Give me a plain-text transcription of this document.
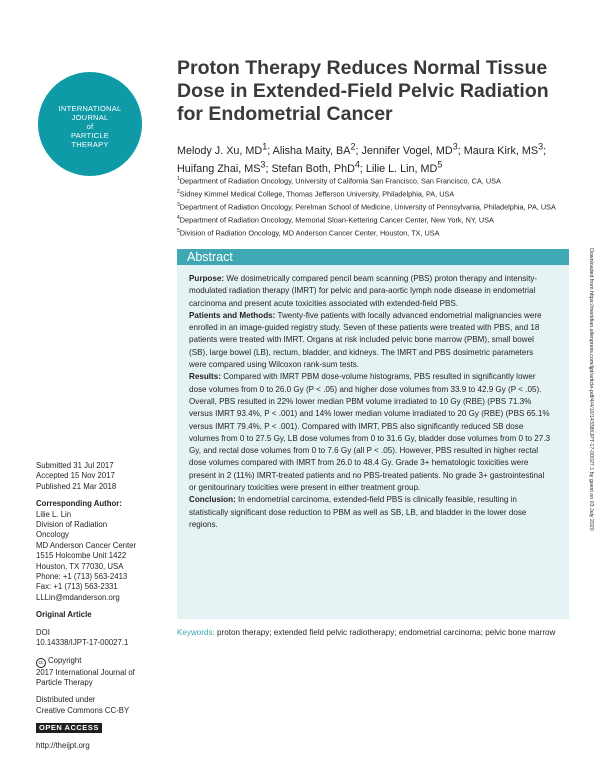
INTERNATIONAL
JOURNAL
of
PARTICLE
THERAPY
Proton Therapy Reduces Normal Tissue Dose in Extended-Field Pelvic Radiation for Endometrial Cancer
Melody J. Xu, $MD^1$; Alisha Maity, $BA^2$; Jennifer Vogel, $MD^3$; Maura Kirk, $MS^3$; Huifang Zhai, $MS^3$; Stefan Both, PhD$^4$; Lilie L. Lin, $MD^5$
$^1$Department of Radiation Oncology, University of California San Francisco, San Francisco, CA, USA
$^2$Sidney Kimmel Medical College, Thomas Jefferson University, Philadelphia, PA, USA
$^3$Department of Radiation Oncology, Perelman School of Medicine, University of Pennsylvania, Philadelphia, PA, USA
$^4$Department of Radiation Oncology, Memorial Sloan-Kettering Cancer Center, New York, NY, USA
$^5$Division of Radiation Oncology, MD Anderson Cancer Center, Houston, TX, USA
Abstract

Purpose: We dosimetrically compared pencil beam scanning (PBS) proton therapy and intensity-modulated radiation therapy (IMRT) for pelvic and para-aortic lymph node disease in endometrial carcinoma and present acute toxicities associated with extended-field PBS.

Patients and Methods: Twenty-five patients with locally advanced endometrial malignancies were enrolled in an image-guided registry study. Seven of these patients were treated with PBS, and 18 patients were treated with IMRT. Organs at risk included pelvic bone marrow (PBM), small bowel (SB), large bowel (LB), rectum, bladder, and kidneys. The IMRT and PBS dosimetric parameters were compared using Wilcoxon rank-sum tests.

Results: Compared with IMRT PBM dose-volume histograms, PBS resulted in significantly lower dose volumes from 0 to 26.0 Gy (P < .05) and higher dose volumes from 33.9 to 42.9 Gy (P < .05). Overall, PBS resulted in 22% lower median PBM volume irradiated to 10 Gy (RBE) (PBS 71.3% versus IMRT 93.4%, P < .001) and 14% lower median volume irradiated to 20 Gy (RBE) (PBS 65.1% versus IMRT 79.4%, P < .001). Compared with IMRT, PBS also significantly reduced SB dose volumes from 0 to 27.5 Gy, LB dose volumes from 0 to 31.6 Gy, bladder dose volumes from 0 to 27.3 Gy, and rectal dose volumes from 0 to 7.6 Gy (all P < .05). However, PBS resulted in higher rectal dose volumes compared with IMRT from 26.0 to 48.4 Gy. Grade 3+ hematologic toxicities were present in 2 (11%) IMRT-treated patients and no PBS-treated patients. No grade 3+ gastrointestinal or genitourinary toxicities were present in either treatment group.

Conclusion: In endometrial carcinoma, extended-field PBS is clinically feasible, resulting in statistically significant dose reduction to PBM as well as SB, LB, and bladder in the lower dose regions.

Keywords: proton therapy; extended field pelvic radiotherapy; endometrial carcinoma; pelvic bone marrow
Submitted 31 Jul 2017
Accepted 15 Nov 2017
Published 21 Mar 2018
Corresponding Author:
Lilie L. Lin
Division of Radiation
Oncology
MD Anderson Cancer Center
1515 Holcombe Unit 1422
Houston, TX 77030, USA
Phone: +1 (713) 563-2413
Fax: +1 (713) 563-2331
LLLin@mdanderson.org
Original Article
DOI
10.14338/IJPT-17-00027.1
cc Copyright
2017 International Journal of
Particle Therapy
Distributed under
Creative Commons CC-BY
OPEN ACCESS
http://theijpt.org
Downloaded from https://meridian.allenpress.com/ijpt/article-pdf/4/4/10/14338/IJPT-17-00027.1 by guest on 03 July 2020
